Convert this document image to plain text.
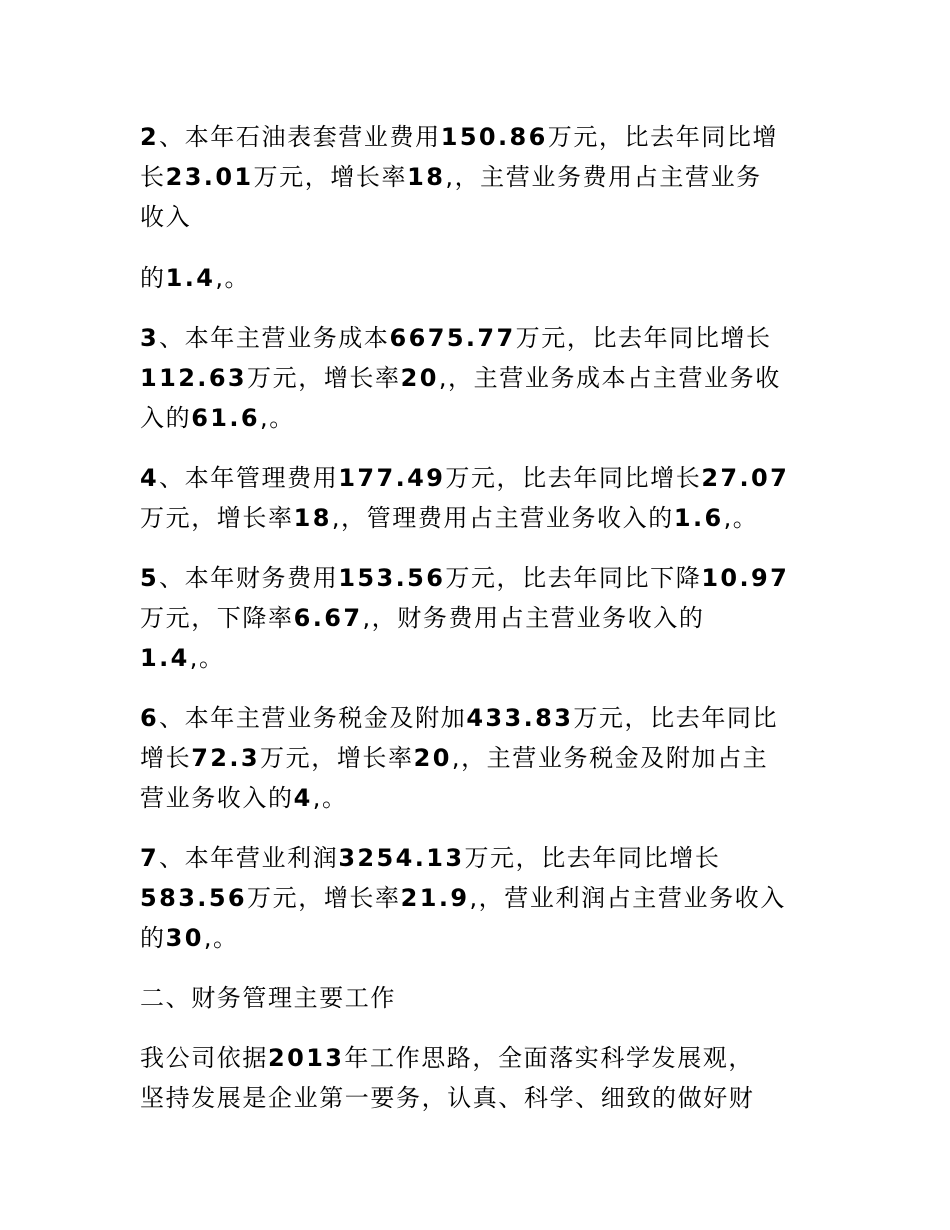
2、本年石油表套营业费用150.86万元，比去年同比增
长23.01万元，增长率18,，主营业务费用占主营业务
收入
的1.4,。
3、本年主营业务成本6675.77万元，比去年同比增长
112.63万元，增长率20,，主营业务成本占主营业务收
入的61.6,。
4、本年管理费用177.49万元，比去年同比增长27.07
万元，增长率18,，管理费用占主营业务收入的1.6,。
5、本年财务费用153.56万元，比去年同比下降10.97
万元，下降率6.67,，财务费用占主营业务收入的
1.4,。
6、本年主营业务税金及附加433.83万元，比去年同比
增长72.3万元，增长率20,，主营业务税金及附加占主
营业务收入的4,。
7、本年营业利润3254.13万元，比去年同比增长
583.56万元，增长率21.9,，营业利润占主营业务收入
的30,。
二、财务管理主要工作
我公司依据2013年工作思路，全面落实科学发展观，
坚持发展是企业第一要务，认真、科学、细致的做好财
